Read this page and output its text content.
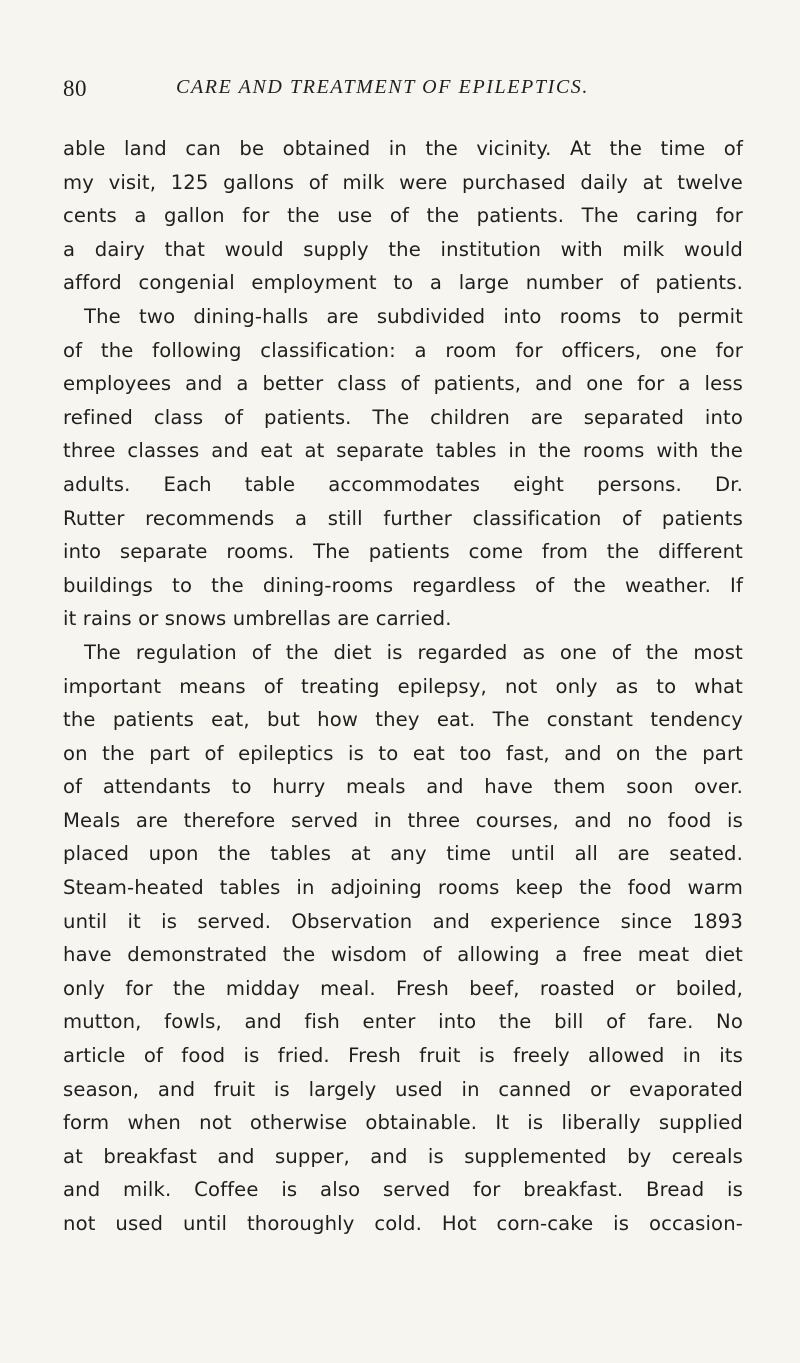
80	CARE AND TREATMENT OF EPILEPTICS.
able land can be obtained in the vicinity. At the time of
my visit, 125 gallons of milk were purchased daily at twelve
cents a gallon for the use of the patients. The caring for
a dairy that would supply the institution with milk would
afford congenial employment to a large number of patients.
The two dining-halls are subdivided into rooms to permit
of the following classification: a room for officers, one for
employees and a better class of patients, and one for a less
refined class of patients. The children are separated into
three classes and eat at separate tables in the rooms with the
adults. Each table accommodates eight persons. Dr.
Rutter recommends a still further classification of patients
into separate rooms. The patients come from the different
buildings to the dining-rooms regardless of the weather. If
it rains or snows umbrellas are carried.
The regulation of the diet is regarded as one of the most
important means of treating epilepsy, not only as to what
the patients eat, but how they eat. The constant tendency
on the part of epileptics is to eat too fast, and on the part
of attendants to hurry meals and have them soon over.
Meals are therefore served in three courses, and no food is
placed upon the tables at any time until all are seated.
Steam-heated tables in adjoining rooms keep the food warm
until it is served. Observation and experience since 1893
have demonstrated the wisdom of allowing a free meat diet
only for the midday meal. Fresh beef, roasted or boiled,
mutton, fowls, and fish enter into the bill of fare. No
article of food is fried. Fresh fruit is freely allowed in its
season, and fruit is largely used in canned or evaporated
form when not otherwise obtainable. It is liberally supplied
at breakfast and supper, and is supplemented by cereals
and milk. Coffee is also served for breakfast. Bread is
not used until thoroughly cold. Hot corn-cake is occasion-
